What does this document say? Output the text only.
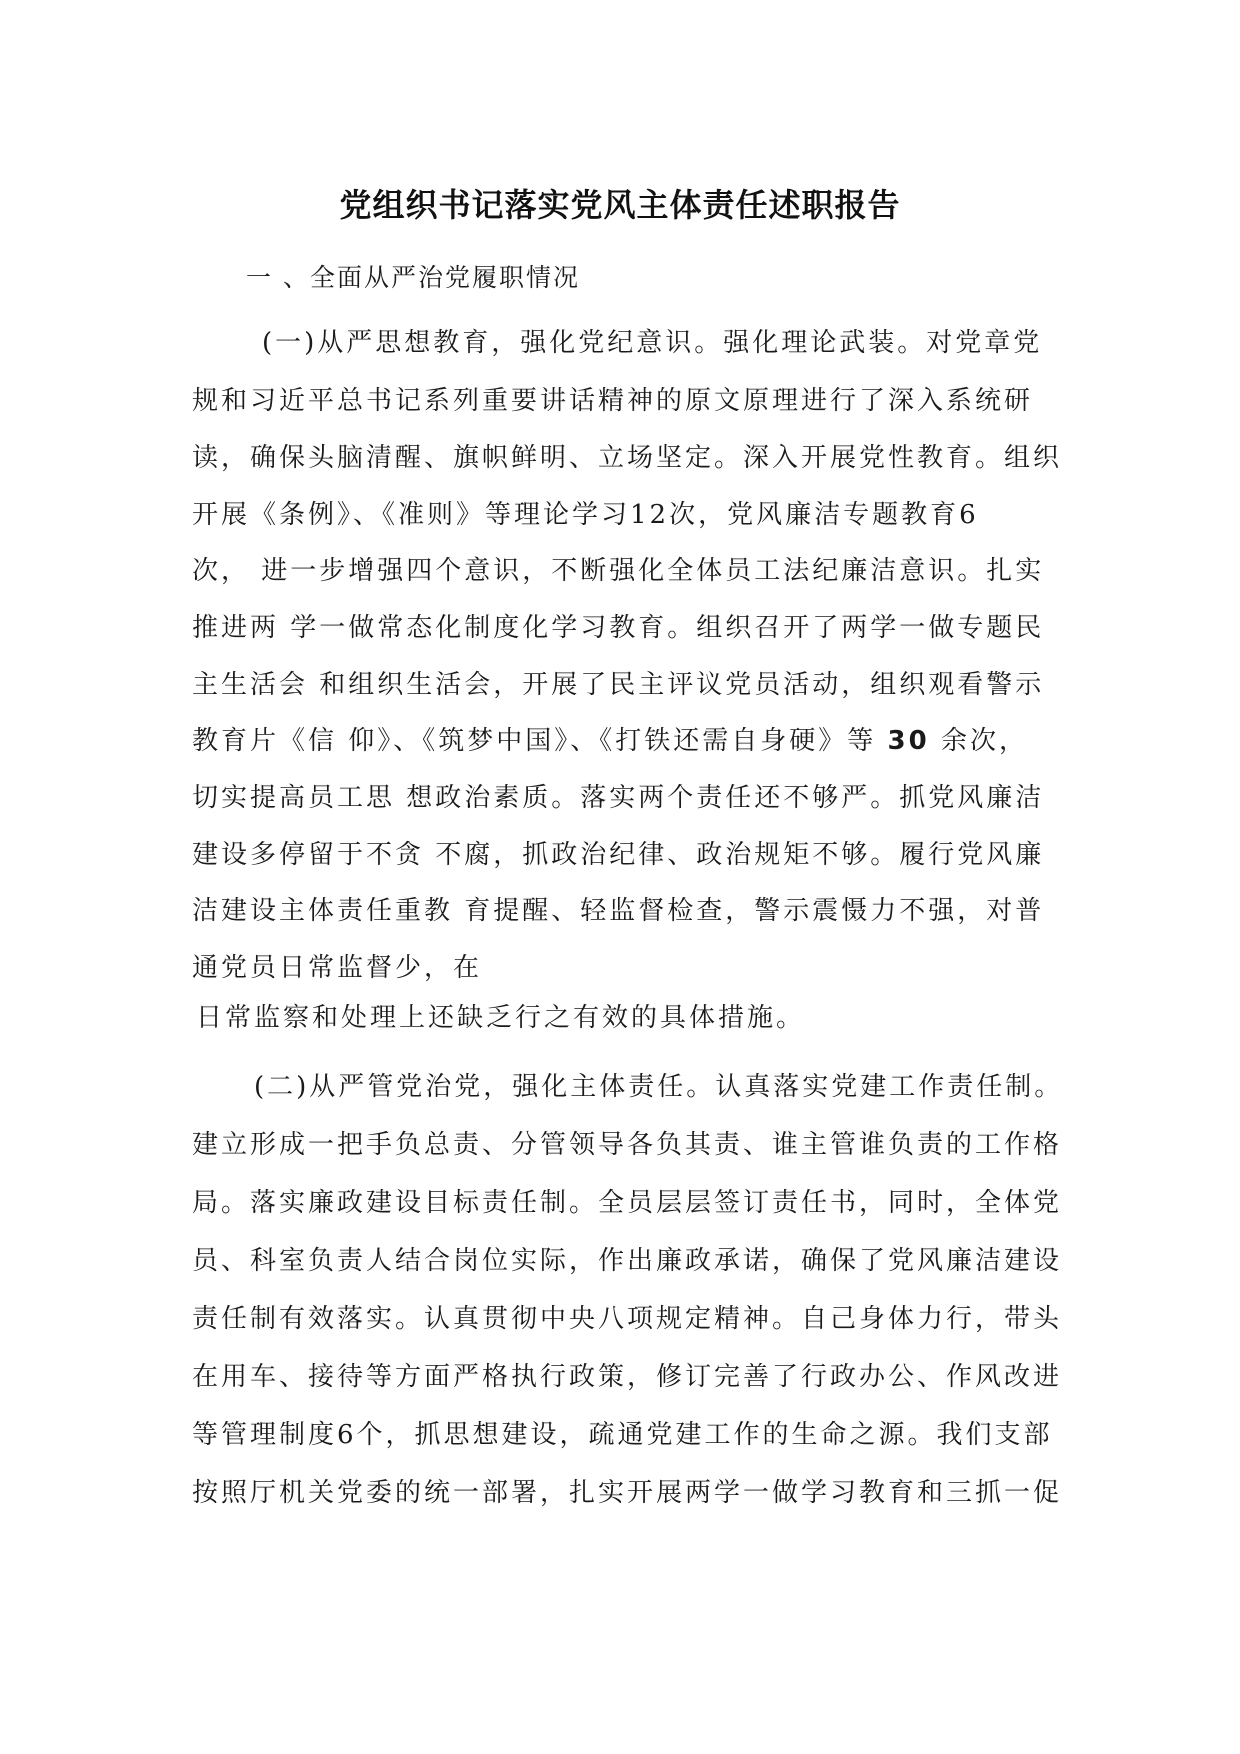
党组织书记落实党风主体责任述职报告
一 、全面从严治党履职情况
(一)从严思想教育，强化党纪意识。强化理论武装。对党章党
规和习近平总书记系列重要讲话精神的原文原理进行了深入系统研
读，确保头脑清醒、旗帜鲜明、立场坚定。深入开展党性教育。组织
开展《条例》、《准则》等理论学习12次，党风廉洁专题教育6
次， 进一步增强四个意识，不断强化全体员工法纪廉洁意识。扎实
推进两 学一做常态化制度化学习教育。组织召开了两学一做专题民
主生活会 和组织生活会，开展了民主评议党员活动，组织观看警示
教育片《信 仰》、《筑梦中国》、《打铁还需自身硬》等 30 余次，
切实提高员工思 想政治素质。落实两个责任还不够严。抓党风廉洁
建设多停留于不贪 不腐，抓政治纪律、政治规矩不够。履行党风廉
洁建设主体责任重教 育提醒、轻监督检查，警示震慑力不强，对普
通党员日常监督少，在
日常监察和处理上还缺乏行之有效的具体措施。
(二)从严管党治党，强化主体责任。认真落实党建工作责任制。
建立形成一把手负总责、分管领导各负其责、谁主管谁负责的工作格
局。落实廉政建设目标责任制。全员层层签订责任书，同时，全体党
员、科室负责人结合岗位实际，作出廉政承诺，确保了党风廉洁建设
责任制有效落实。认真贯彻中央八项规定精神。自己身体力行，带头
在用车、接待等方面严格执行政策，修订完善了行政办公、作风改进
等管理制度6个，抓思想建设，疏通党建工作的生命之源。我们支部
按照厅机关党委的统一部署，扎实开展两学一做学习教育和三抓一促
